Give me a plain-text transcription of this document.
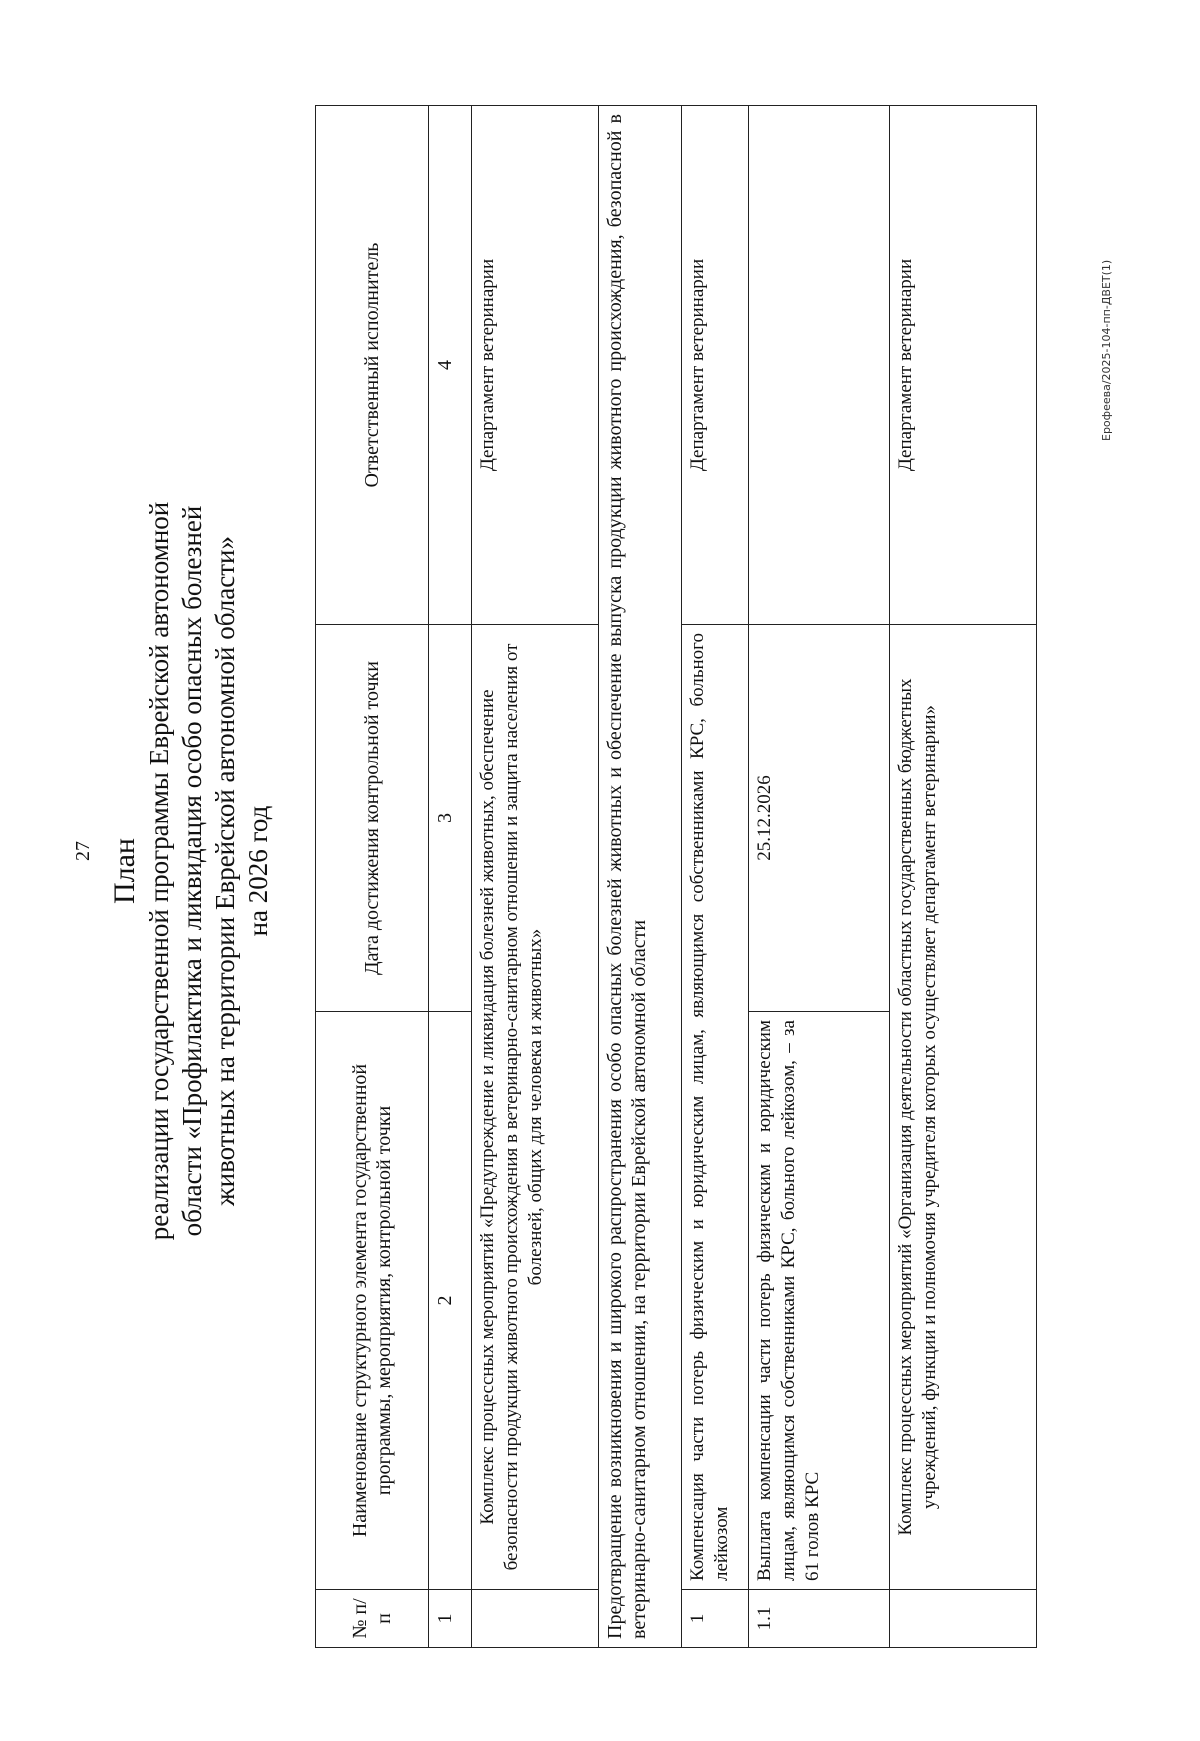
27 План реализации государственной программы Еврейской автономной области «Профилактика и ликвидация особо опасных болезней животных на территории Еврейской автономной области» на 2026 год
№ п/п	Наименование структурного элемента государственной программы, мероприятия, контрольной точки	Дата достижения контрольной точки	Ответственный исполнитель
1	2	3	4
	Комплекс процессных мероприятий «Предупреждение и ликвидация болезней животных, обеспечение безопасности продукции животного происхождения в ветеринарно-санитарном отношении и защита населения от болезней, общих для человека и животных»		Департамент ветеринарии
Предотвращение возникновения и широкого распространения особо опасных болезней животных и обеспечение выпуска продукции животного происхождения, безопасной в ветеринарно-санитарном отношении, на территории Еврейской автономной области			
1	Компенсация части потерь физическим и юридическим лицам, являющимся собственниками КРС, больного лейкозом		Департамент ветеринарии
1.1	Выплата компенсации части потерь физическим и юридическим лицам, являющимся собственниками КРС, больного лейкозом, – за 61 голов КРС	25.12.2026	
	Комплекс процессных мероприятий «Организация деятельности областных государственных бюджетных учреждений, функции и полномочия учредителя которых осуществляет департамент ветеринарии»		Департамент ветеринарии	Ерофеева/2025-104-пп-ДВЕТ(1)
